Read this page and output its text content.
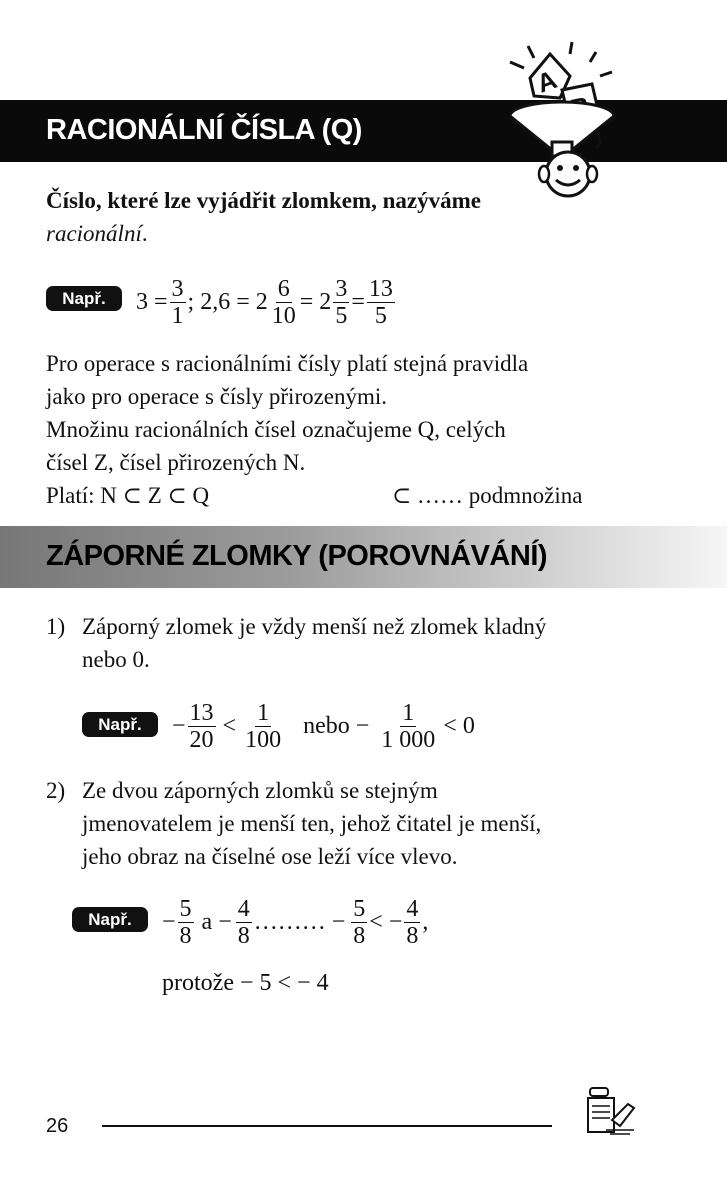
RACIONÁLNÍ ČÍSLA (Q)
A
Číslo, které lze vyjádřit zlomkem, nazýváme
racionální.
Např.	$3 = \frac{3}{1}$ ; $2,6 = 2 \frac{6}{10} = 2 \frac{3}{5} = \frac{13}{5}$
Pro operace s racionálními čísly platí stejná pravidla
jako pro operace s čísly přirozenými.
Množinu racionálních čísel označujeme Q, celých
čísel Z, čísel přirozených N.
Platí: N ⊂ Z ⊂ Q	⊂ …… podmnožina
ZÁPORNÉ ZLOMKY (POROVNÁVÁNÍ)
1) Záporný zlomek je vždy menší než zlomek kladný
nebo 0.
Např.	− $\frac{13}{20} < \frac{1}{100}$ nebo − $\frac{1}{1 000} < 0$
2) Ze dvou záporných zlomků se stejným
jmenovatelem je menší ten, jehož čitatel je menší,
jeho obraz na číselné ose leží více vlevo.
Např.	− $\frac{5}{8}$ $a - \frac{4}{8}$ ……… − $\frac{5}{8}$ < − $\frac{4}{8}$ ,
protože − 5 < − 4
26
